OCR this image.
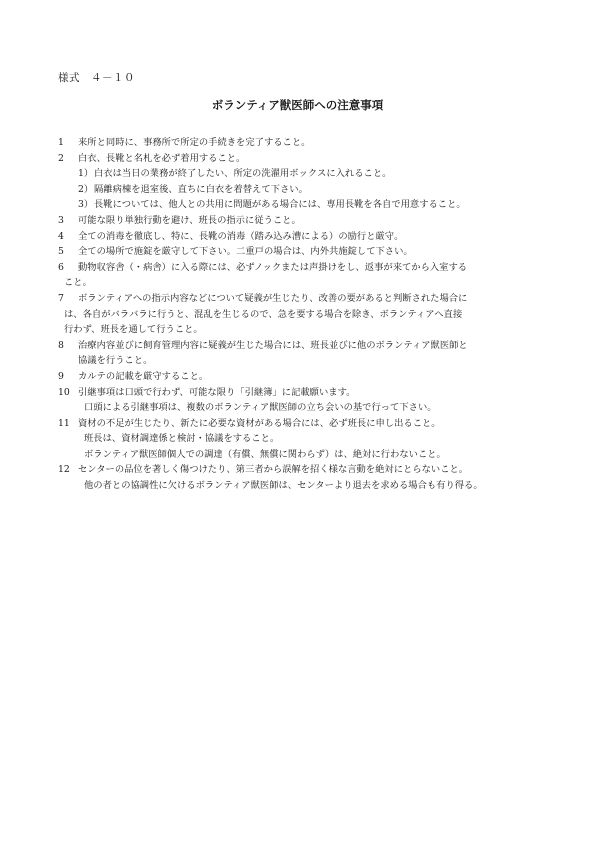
様式　４－１０
ボランティア獣医師への注意事項
1	来所と同時に、事務所で所定の手続きを完了すること。
2	白衣、長靴と名札を必ず着用すること。
1） 白衣は当日の業務が終了したい、所定の洗濯用ボックスに入れること。
2） 隔離病棟を退室後、直ちに白衣を着替えて下さい。
3） 長靴については、他人との共用に問題がある場合には、専用長靴を各自で用意すること。
3	可能な限り単独行動を避け、班長の指示に従うこと。
4	全ての消毒を徹底し、特に、長靴の消毒（踏み込み漕による）の励行と厳守。
5	全ての場所で施錠を厳守して下さい。二重戸の場合は、内外共施錠して下さい。
6	動物収容舎（・病舎）に入る際には、必ずノックまたは声掛けをし、返事が来てから入室する
こと。
7	ボランティアへの指示内容などについて疑義が生じたり、改善の要があると判断された場合に
は、各自がバラバラに行うと、混乱を生じるので、急を要する場合を除き、ボランティアへ直接
行わず、班長を通して行うこと。
8	治療内容並びに飼育管理内容に疑義が生じた場合には、班長並びに他のボランティア獣医師と
協議を行うこと。
9	カルテの記載を厳守すること。
10 引継事項は口頭で行わず、可能な限り「引継簿」に記載願います。
口頭による引継事項は、複数のボランティア獣医師の立ち会いの基で行って下さい。
11 資材の不足が生じたり、新たに必要な資材がある場合には、必ず班長に申し出ること。
班長は、資材調達係と検討・協議をすること。
ボランティア獣医師個人での調達（有償、無償に関わらず）は、絶対に行わないこと。
12 センターの品位を著しく傷つけたり、第三者から誤解を招く様な言動を絶対にとらないこと。
他の者との協調性に欠けるボランティア獣医師は、センターより退去を求める場合も有り得る。
